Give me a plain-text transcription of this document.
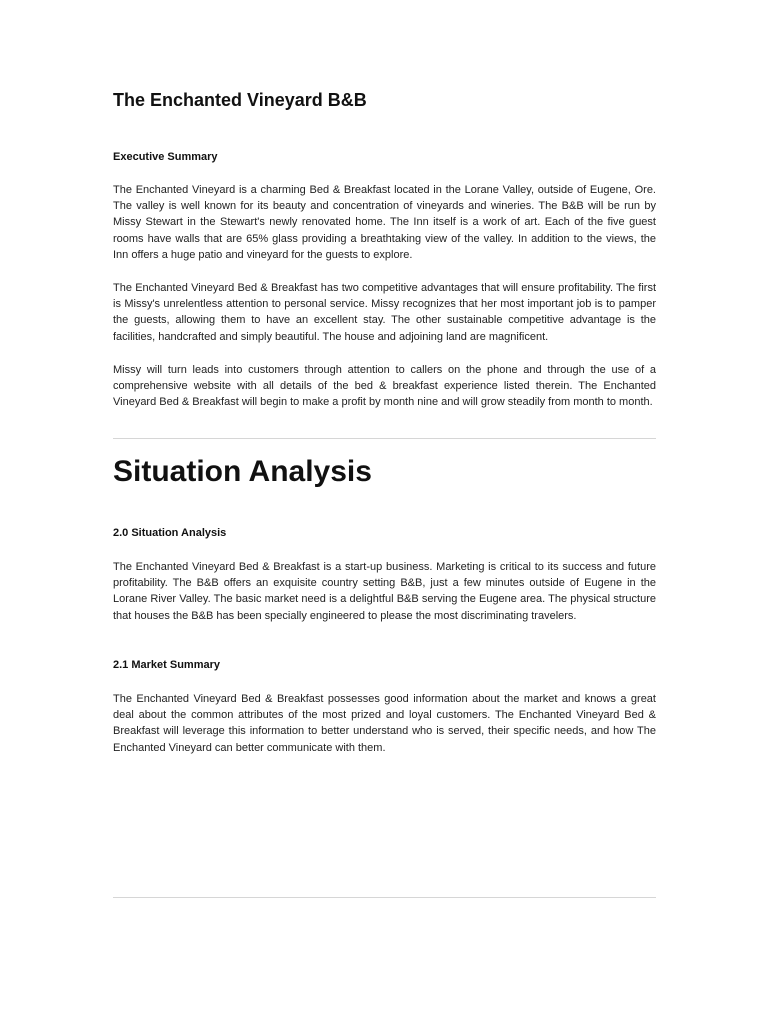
The Enchanted Vineyard B&B
Executive Summary

The Enchanted Vineyard is a charming Bed & Breakfast located in the Lorane Valley, outside of Eugene, Ore. The valley is well known for its beauty and concentration of vineyards and wineries. The B&B will be run by Missy Stewart in the Stewart's newly renovated home. The Inn itself is a work of art. Each of the five guest rooms have walls that are 65% glass providing a breathtaking view of the valley. In addition to the views, the Inn offers a huge patio and vineyard for the guests to explore.

The Enchanted Vineyard Bed & Breakfast has two competitive advantages that will ensure profitability. The first is Missy's unrelentless attention to personal service. Missy recognizes that her most important job is to pamper the guests, allowing them to have an excellent stay. The other sustainable competitive advantage is the facilities, handcrafted and simply beautiful. The house and adjoining land are magnificent.

Missy will turn leads into customers through attention to callers on the phone and through the use of a comprehensive website with all details of the bed & breakfast experience listed therein. The Enchanted Vineyard Bed & Breakfast will begin to make a profit by month nine and will grow steadily from month to month.

Situation Analysis
2.0 Situation Analysis

The Enchanted Vineyard Bed & Breakfast is a start-up business. Marketing is critical to its success and future profitability. The B&B offers an exquisite country setting B&B, just a few minutes outside of Eugene in the Lorane River Valley. The basic market need is a delightful B&B serving the Eugene area. The physical structure that houses the B&B has been specially engineered to please the most discriminating travelers.

2.1 Market Summary

The Enchanted Vineyard Bed & Breakfast possesses good information about the market and knows a great deal about the common attributes of the most prized and loyal customers. The Enchanted Vineyard Bed & Breakfast will leverage this information to better understand who is served, their specific needs, and how The Enchanted Vineyard can better communicate with them.
